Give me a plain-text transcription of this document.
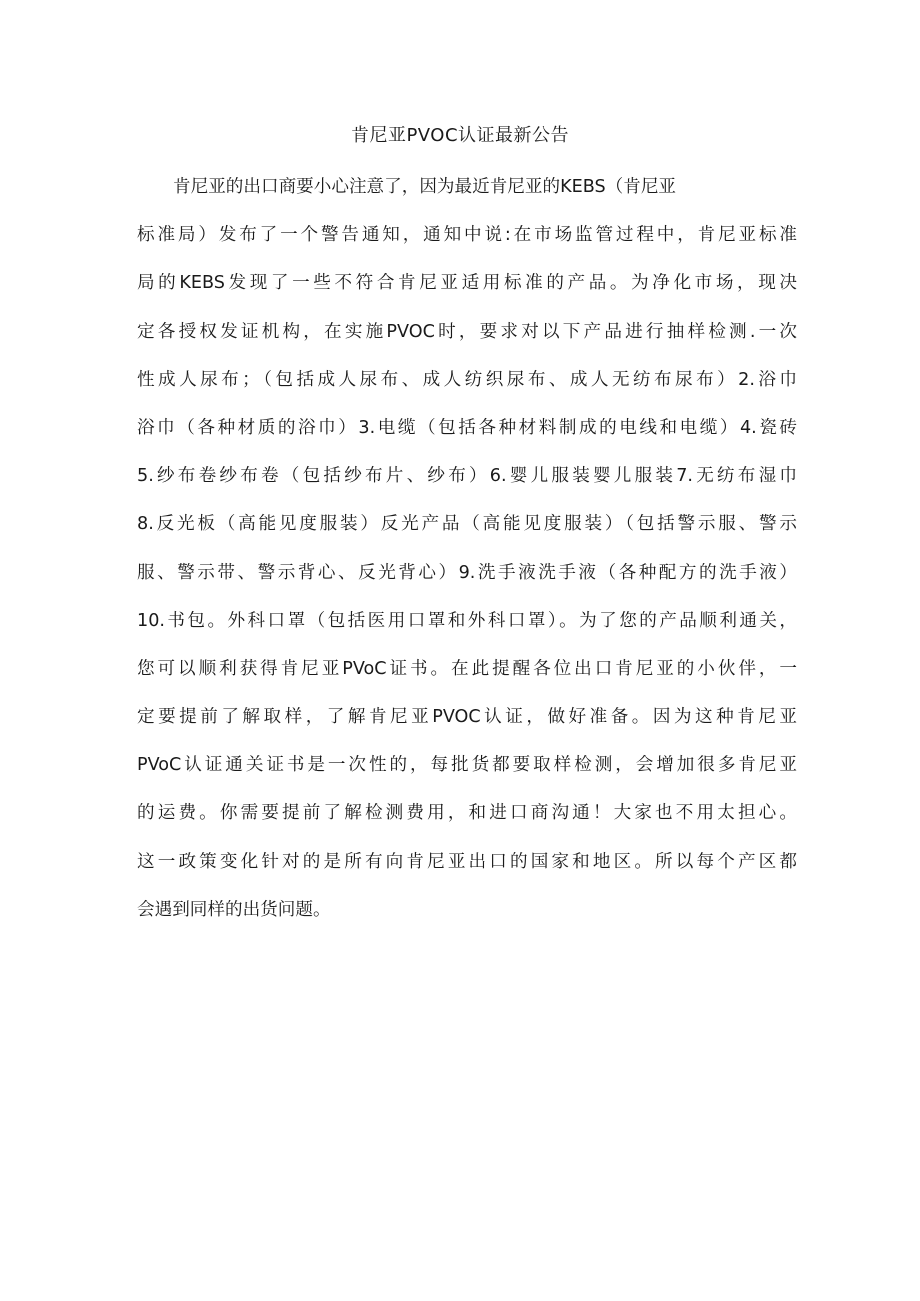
肯尼亚PVOC认证最新公告
肯尼亚的出口商要小心注意了，因为最近肯尼亚的KEBS（肯尼亚
标准局）发布了一个警告通知，通知中说:在市场监管过程中，肯尼亚标准
局的KEBS发现了一些不符合肯尼亚适用标准的产品。为净化市场，现决
定各授权发证机构，在实施PVOC时，要求对以下产品进行抽样检测.一次
性成人尿布；（包括成人尿布、成人纺织尿布、成人无纺布尿布）2.浴巾
浴巾（各种材质的浴巾）3.电缆（包括各种材料制成的电线和电缆）4.瓷砖
5.纱布卷纱布卷（包括纱布片、纱布）6.婴儿服装婴儿服装7.无纺布湿巾
8.反光板（高能见度服装）反光产品（高能见度服装）（包括警示服、警示
服、警示带、警示背心、反光背心）9.洗手液洗手液（各种配方的洗手液）
10.书包。外科口罩（包括医用口罩和外科口罩）。为了您的产品顺利通关，
您可以顺利获得肯尼亚PVoC证书。在此提醒各位出口肯尼亚的小伙伴，一
定要提前了解取样，了解肯尼亚PVOC认证，做好准备。因为这种肯尼亚
PVoC认证通关证书是一次性的，每批货都要取样检测，会增加很多肯尼亚
的运费。你需要提前了解检测费用，和进口商沟通！大家也不用太担心。
这一政策变化针对的是所有向肯尼亚出口的国家和地区。所以每个产区都
会遇到同样的出货问题。
